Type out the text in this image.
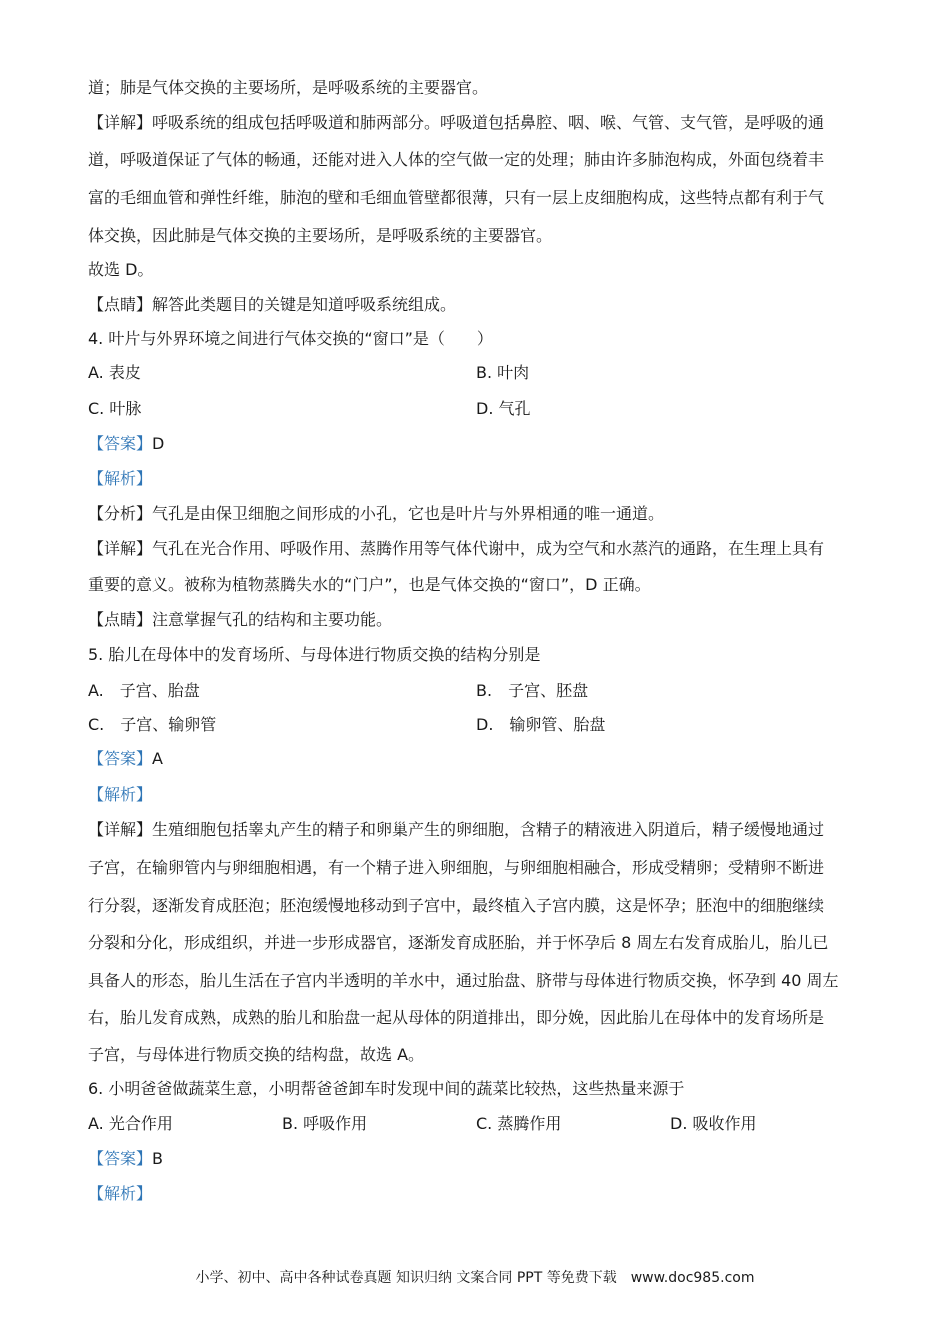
道；肺是气体交换的主要场所，是呼吸系统的主要器官。
【详解】呼吸系统的组成包括呼吸道和肺两部分。呼吸道包括鼻腔、咽、喉、气管、支气管，是呼吸的通
道，呼吸道保证了气体的畅通，还能对进入人体的空气做一定的处理；肺由许多肺泡构成，外面包绕着丰
富的毛细血管和弹性纤维，肺泡的壁和毛细血管壁都很薄，只有一层上皮细胞构成，这些特点都有利于气
体交换，因此肺是气体交换的主要场所，是呼吸系统的主要器官。
故选 D。
【点睛】解答此类题目的关键是知道呼吸系统组成。
4. 叶片与外界环境之间进行气体交换的“窗口”是（　　）
A. 表皮	B. 叶肉
C. 叶脉	D. 气孔
【答案】D
【解析】
【分析】气孔是由保卫细胞之间形成的小孔，它也是叶片与外界相通的唯一通道。
【详解】气孔在光合作用、呼吸作用、蒸腾作用等气体代谢中，成为空气和水蒸汽的通路，在生理上具有
重要的意义。被称为植物蒸腾失水的“门户”，也是气体交换的“窗口”，D 正确。
【点睛】注意掌握气孔的结构和主要功能。
5. 胎儿在母体中的发育场所、与母体进行物质交换的结构分别是
A.　子宫、胎盘	B.　子宫、胚盘
C.　子宫、输卵管	D.　输卵管、胎盘
【答案】A
【解析】
【详解】生殖细胞包括睾丸产生的精子和卵巢产生的卵细胞，含精子的精液进入阴道后，精子缓慢地通过
子宫，在输卵管内与卵细胞相遇，有一个精子进入卵细胞，与卵细胞相融合，形成受精卵；受精卵不断进
行分裂，逐渐发育成胚泡；胚泡缓慢地移动到子宫中，最终植入子宫内膜，这是怀孕；胚泡中的细胞继续
分裂和分化，形成组织，并进一步形成器官，逐渐发育成胚胎，并于怀孕后 8 周左右发育成胎儿，胎儿已
具备人的形态，胎儿生活在子宫内半透明的羊水中，通过胎盘、脐带与母体进行物质交换，怀孕到 40 周左
右，胎儿发育成熟，成熟的胎儿和胎盘一起从母体的阴道排出，即分娩，因此胎儿在母体中的发育场所是
子宫，与母体进行物质交换的结构盘，故选 A。
6. 小明爸爸做蔬菜生意，小明帮爸爸卸车时发现中间的蔬菜比较热，这些热量来源于
A. 光合作用	B. 呼吸作用	C. 蒸腾作用	D. 吸收作用
【答案】B
【解析】
小学、初中、高中各种试卷真题 知识归纳 文案合同 PPT 等免费下载　www.doc985.com
